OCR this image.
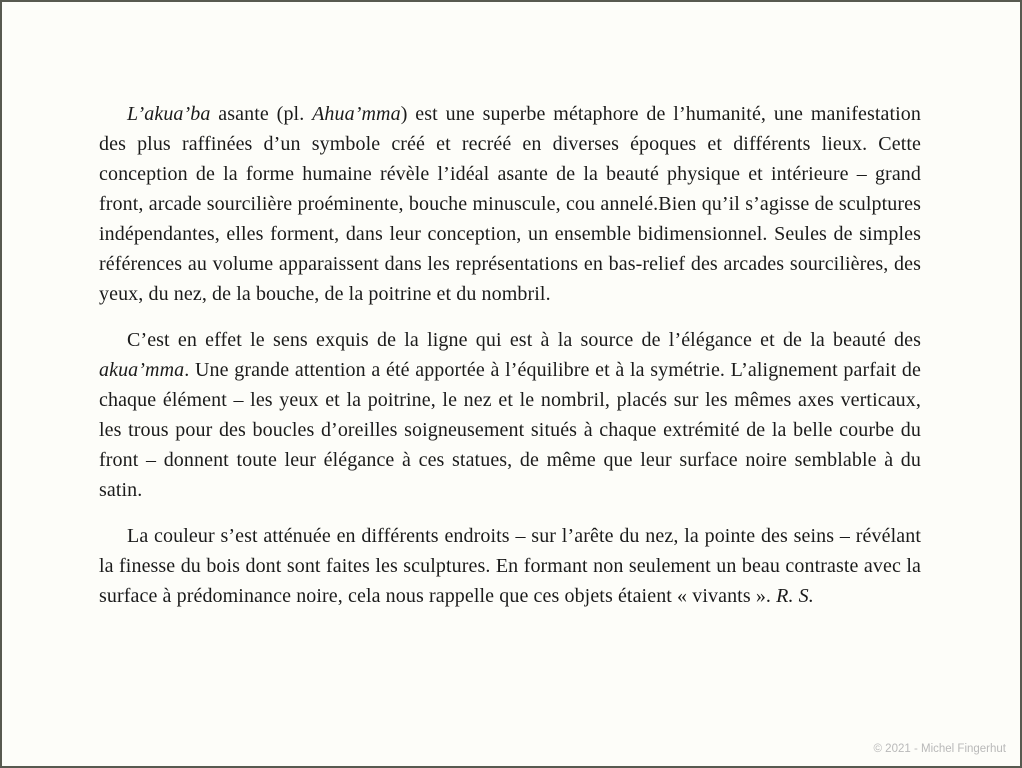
L’akua’ba asante (pl. Ahua’mma) est une superbe métaphore de l’humanité, une manifestation des plus raffinées d’un symbole créé et recréé en diverses époques et différents lieux. Cette conception de la forme humaine révèle l’idéal asante de la beauté physique et intérieure – grand front, arcade sourcilière proéminente, bouche minuscule, cou annelé.Bien qu’il s’agisse de sculptures indépendantes, elles forment, dans leur conception, un ensemble bidimensionnel. Seules de simples références au volume apparaissent dans les représentations en bas-relief des arcades sourcilières, des yeux, du nez, de la bouche, de la poitrine et du nombril.

C’est en effet le sens exquis de la ligne qui est à la source de l’élégance et de la beauté des akua’mma. Une grande attention a été apportée à l’équilibre et à la symétrie. L’alignement parfait de chaque élément – les yeux et la poitrine, le nez et le nombril, placés sur les mêmes axes verticaux, les trous pour des boucles d’oreilles soigneusement situés à chaque extrémité de la belle courbe du front – donnent toute leur élégance à ces statues, de même que leur surface noire semblable à du satin.

La couleur s’est atténuée en différents endroits – sur l’arête du nez, la pointe des seins – révélant la finesse du bois dont sont faites les sculptures. En formant non seulement un beau contraste avec la surface à prédominance noire, cela nous rappelle que ces objets étaient « vivants ». R. S.

© 2021 - Michel Fingerhut
